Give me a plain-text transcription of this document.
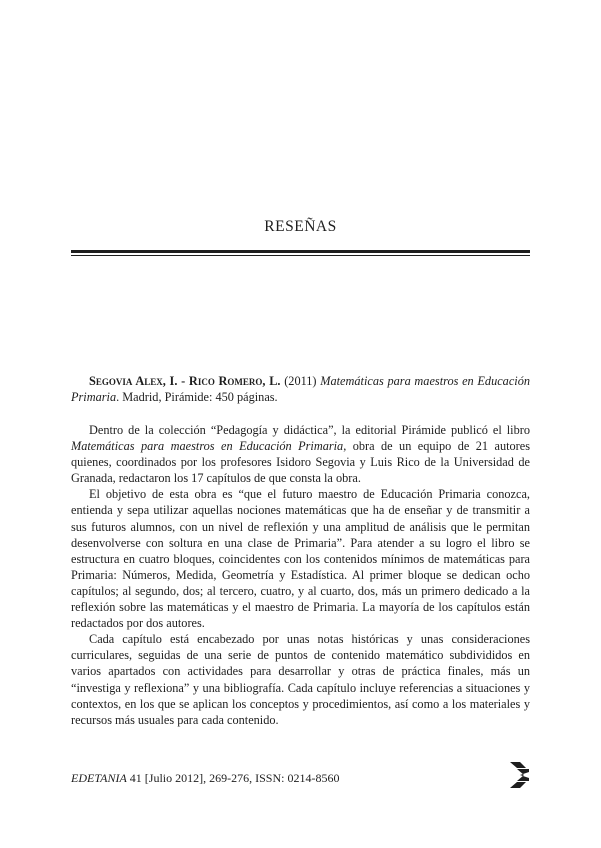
RESEÑAS
Segovia Alex, I. - Rico Romero, L. (2011) Matemáticas para maestros en Educación Primaria. Madrid, Pirámide: 450 páginas.

Dentro de la colección “Pedagogía y didáctica”, la editorial Pirámide publicó el libro Matemáticas para maestros en Educación Primaria, obra de un equipo de 21 autores quienes, coordinados por los profesores Isidoro Segovia y Luis Rico de la Universidad de Granada, redactaron los 17 capítulos de que consta la obra.

El objetivo de esta obra es “que el futuro maestro de Educación Primaria conozca, entienda y sepa utilizar aquellas nociones matemáticas que ha de enseñar y de transmitir a sus futuros alumnos, con un nivel de reflexión y una amplitud de análisis que le permitan desenvolverse con soltura en una clase de Primaria”. Para atender a su logro el libro se estructura en cuatro bloques, coincidentes con los contenidos mínimos de matemáticas para Primaria: Números, Medida, Geometría y Estadística. Al primer bloque se dedican ocho capítulos; al segundo, dos; al tercero, cuatro, y al cuarto, dos, más un primero dedicado a la reflexión sobre las matemáticas y el maestro de Primaria. La mayoría de los capítulos están redactados por dos autores.

Cada capítulo está encabezado por unas notas históricas y unas consideraciones curriculares, seguidas de una serie de puntos de contenido matemático subdivididos en varios apartados con actividades para desarrollar y otras de práctica finales, más un “investiga y reflexiona” y una bibliografía. Cada capítulo incluye referencias a situaciones y contextos, en los que se aplican los conceptos y procedimientos, así como a los materiales y recursos más usuales para cada contenido.

EDETANIA 41 [Julio 2012], 269-276, ISSN: 0214-8560
